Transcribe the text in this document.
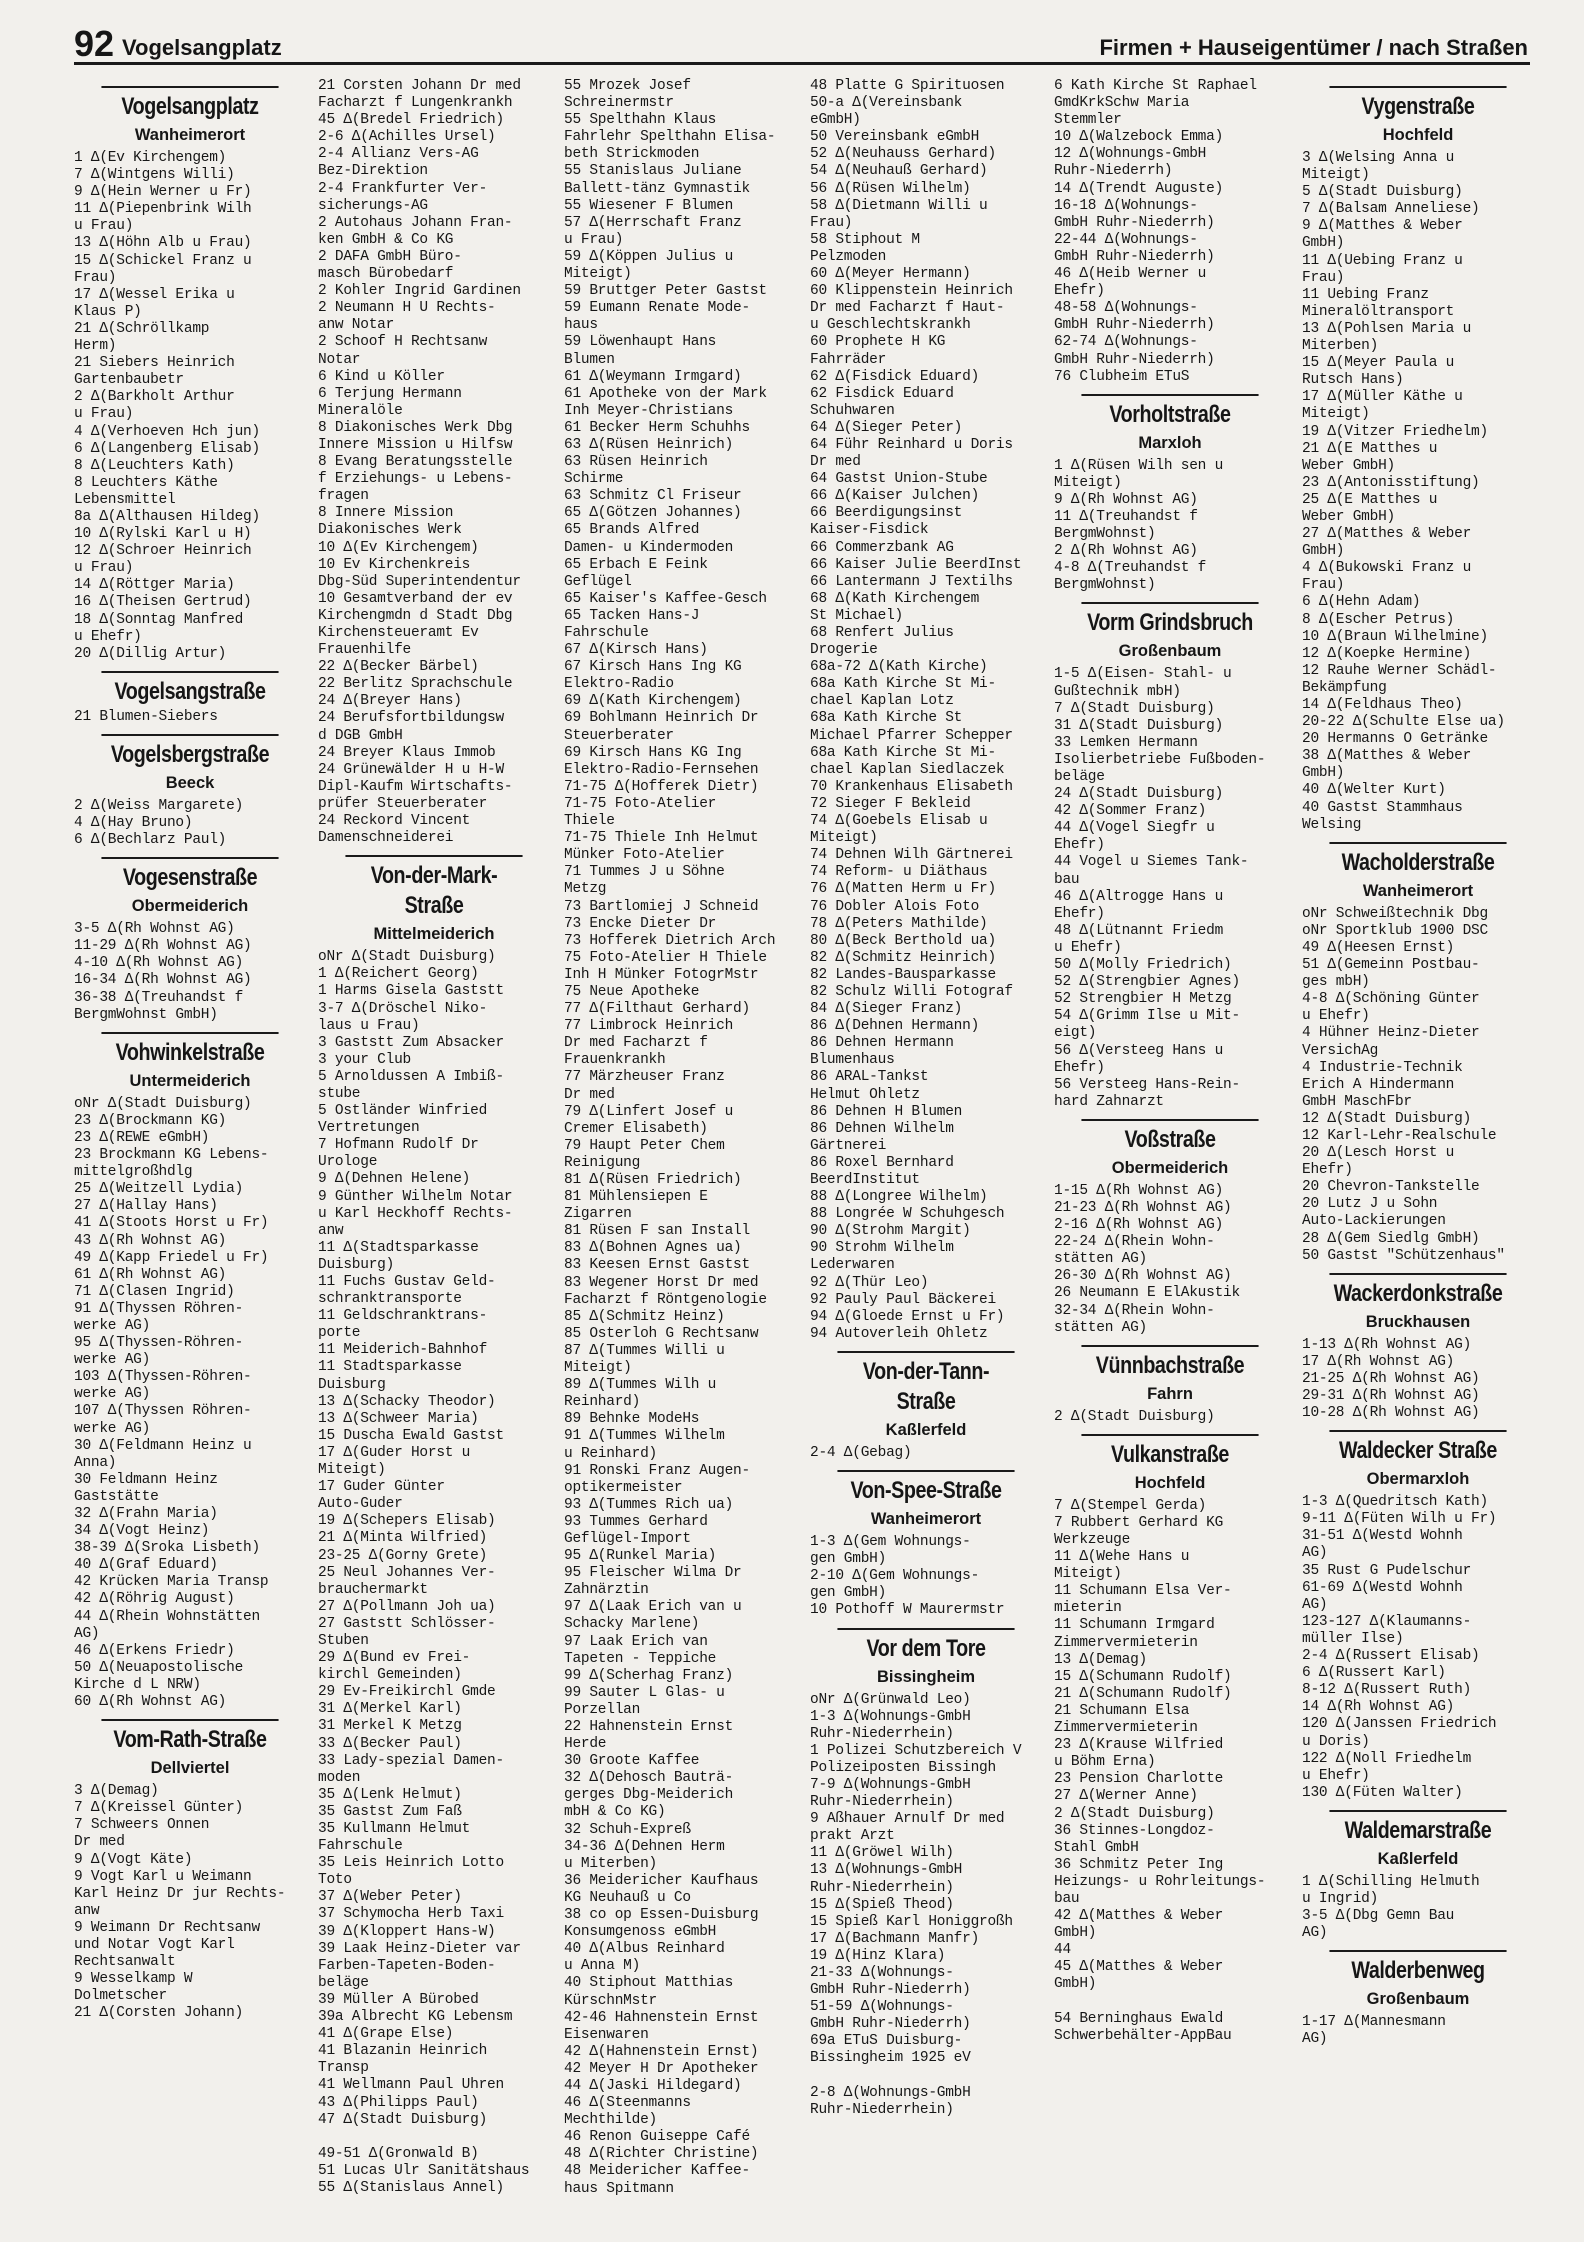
92 Vogelsangplatz	Firmen + Hauseigentümer / nach Straßen
Vogelsangplatz
Wanheimerort
1 ∆(Ev Kirchengem)
7 ∆(Wintgens Willi)
9 ∆(Hein Werner u Fr)
11 ∆(Piepenbrink Wilh
u Frau)
13 ∆(Höhn Alb u Frau)
15 ∆(Schickel Franz u
Frau)
17 ∆(Wessel Erika u
Klaus P)
21 ∆(Schröllkamp
Herm)
21 Siebers Heinrich
Gartenbaubetr
2 ∆(Barkholt Arthur
u Frau)
4 ∆(Verhoeven Hch jun)
6 ∆(Langenberg Elisab)
8 ∆(Leuchters Kath)
8 Leuchters Käthe
Lebensmittel
8a ∆(Althausen Hildeg)
10 ∆(Rylski Karl u H)
12 ∆(Schroer Heinrich
u Frau)
14 ∆(Röttger Maria)
16 ∆(Theisen Gertrud)
18 ∆(Sonntag Manfred
u Ehefr)
20 ∆(Dillig Artur)
Vogelsangstraße
21 Blumen-Siebers
Vogelsbergstraße
Beeck
2 ∆(Weiss Margarete)
4 ∆(Hay Bruno)
6 ∆(Bechlarz Paul)
Vogesenstraße
Obermeiderich
3-5 ∆(Rh Wohnst AG)
11-29 ∆(Rh Wohnst AG)
4-10 ∆(Rh Wohnst AG)
16-34 ∆(Rh Wohnst AG)
36-38 ∆(Treuhandst f
BergmWohnst GmbH)
Vohwinkelstraße
Untermeiderich
oNr ∆(Stadt Duisburg)
23 ∆(Brockmann KG)
23 ∆(REWE eGmbH)
23 Brockmann KG Lebens-
mittelgroßhdlg
25 ∆(Weitzell Lydia)
27 ∆(Hallay Hans)
41 ∆(Stoots Horst u Fr)
43 ∆(Rh Wohnst AG)
49 ∆(Kapp Friedel u Fr)
61 ∆(Rh Wohnst AG)
71 ∆(Clasen Ingrid)
91 ∆(Thyssen Röhren-
werke AG)
95 ∆(Thyssen-Röhren-
werke AG)
103 ∆(Thyssen-Röhren-
werke AG)
107 ∆(Thyssen Röhren-
werke AG)
30 ∆(Feldmann Heinz u
Anna)
30 Feldmann Heinz
Gaststätte
32 ∆(Frahn Maria)
34 ∆(Vogt Heinz)
38-39 ∆(Sroka Lisbeth)
40 ∆(Graf Eduard)
42 Krücken Maria Transp
42 ∆(Röhrig August)
44 ∆(Rhein Wohnstätten
AG)
46 ∆(Erkens Friedr)
50 ∆(Neuapostolische
Kirche d L NRW)
60 ∆(Rh Wohnst AG)
Vom-Rath-Straße
Dellviertel
3 ∆(Demag)
7 ∆(Kreissel Günter)
7 Schweers Onnen
Dr med
9 ∆(Vogt Käte)
9 Vogt Karl u Weimann
Karl Heinz Dr jur Rechts-
anw
9 Weimann Dr Rechtsanw
und Notar Vogt Karl
Rechtsanwalt
9 Wesselkamp W
Dolmetscher
21 ∆(Corsten Johann)
21 Corsten Johann Dr med
Facharzt f Lungenkrankh
45 ∆(Bredel Friedrich)
2-6 ∆(Achilles Ursel)
2-4 Allianz Vers-AG
Bez-Direktion
2-4 Frankfurter Ver-
sicherungs-AG
2 Autohaus Johann Fran-
ken GmbH & Co KG
2 DAFA GmbH Büro-
masch Bürobedarf
2 Kohler Ingrid Gardinen
2 Neumann H U Rechts-
anw Notar
2 Schoof H Rechtsanw
Notar
6 Kind u Köller
6 Terjung Hermann
Mineralöle
8 Diakonisches Werk Dbg
Innere Mission u Hilfsw
8 Evang Beratungsstelle
f Erziehungs- u Lebens-
fragen
8 Innere Mission
Diakonisches Werk
10 ∆(Ev Kirchengem)
10 Ev Kirchenkreis
Dbg-Süd Superintendentur
10 Gesamtverband der ev
Kirchengmdn d Stadt Dbg
Kirchensteueramt Ev
Frauenhilfe
22 ∆(Becker Bärbel)
22 Berlitz Sprachschule
24 ∆(Breyer Hans)
24 Berufsfortbildungsw
d DGB GmbH
24 Breyer Klaus Immob
24 Grünewälder H u H-W
Dipl-Kaufm Wirtschafts-
prüfer Steuerberater
24 Reckord Vincent
Damenschneiderei
Von-der-Mark-Straße
Mittelmeiderich
oNr ∆(Stadt Duisburg)
1 ∆(Reichert Georg)
1 Harms Gisela Gaststt
3-7 ∆(Dröschel Niko-
laus u Frau)
3 Gaststt Zum Absacker
3 your Club
5 Arnoldussen A Imbiß-
stube
5 Ostländer Winfried
Vertretungen
7 Hofmann Rudolf Dr
Urologe
9 ∆(Dehnen Helene)
9 Günther Wilhelm Notar
u Karl Heckhoff Rechts-
anw
11 ∆(Stadtsparkasse
Duisburg)
11 Fuchs Gustav Geld-
schranktransporte
11 Geldschranktrans-
porte
11 Meiderich-Bahnhof
11 Stadtsparkasse
Duisburg
13 ∆(Schacky Theodor)
13 ∆(Schweer Maria)
15 Duscha Ewald Gastst
17 ∆(Guder Horst u
Miteigt)
17 Guder Günter
Auto-Guder
19 ∆(Schepers Elisab)
21 ∆(Minta Wilfried)
23-25 ∆(Gorny Grete)
25 Neul Johannes Ver-
brauchermarkt
27 ∆(Pollmann Joh ua)
27 Gaststt Schlösser-
Stuben
29 ∆(Bund ev Frei-
kirchl Gemeinden)
29 Ev-Freikirchl Gmde
31 ∆(Merkel Karl)
31 Merkel K Metzg
33 ∆(Becker Paul)
33 Lady-spezial Damen-
moden
35 ∆(Lenk Helmut)
35 Gastst Zum Faß
35 Kullmann Helmut
Fahrschule
35 Leis Heinrich Lotto
Toto
37 ∆(Weber Peter)
37 Schymocha Herb Taxi
39 ∆(Kloppert Hans-W)
39 Laak Heinz-Dieter var
Farben-Tapeten-Boden-
beläge
39 Müller A Bürobed
39a Albrecht KG Lebensm
41 ∆(Grape Else)
41 Blazanin Heinrich
Transp
41 Wellmann Paul Uhren
43 ∆(Philipps Paul)
47 ∆(Stadt Duisburg)

49-51 ∆(Gronwald B)
51 Lucas Ulr Sanitätshaus
55 ∆(Stanislaus Annel)
55 Mrozek Josef
Schreinermstr
55 Spelthahn Klaus
Fahrlehr Spelthahn Elisa-
beth Strickmoden
55 Stanislaus Juliane
Ballett-tänz Gymnastik
55 Wiesener F Blumen
57 ∆(Herrschaft Franz
u Frau)
59 ∆(Köppen Julius u
Miteigt)
59 Bruttger Peter Gastst
59 Eumann Renate Mode-
haus
59 Löwenhaupt Hans
Blumen
61 ∆(Weymann Irmgard)
61 Apotheke von der Mark
Inh Meyer-Christians
61 Becker Herm Schuhhs
63 ∆(Rüsen Heinrich)
63 Rüsen Heinrich
Schirme
63 Schmitz Cl Friseur
65 ∆(Götzen Johannes)
65 Brands Alfred
Damen- u Kindermoden
65 Erbach E Feink
Geflügel
65 Kaiser's Kaffee-Gesch
65 Tacken Hans-J
Fahrschule
67 ∆(Kirsch Hans)
67 Kirsch Hans Ing KG
Elektro-Radio
69 ∆(Kath Kirchengem)
69 Bohlmann Heinrich Dr
Steuerberater
69 Kirsch Hans KG Ing
Elektro-Radio-Fernsehen
71-75 ∆(Hofferek Dietr)
71-75 Foto-Atelier
Thiele
71-75 Thiele Inh Helmut
Münker Foto-Atelier
71 Tummes J u Söhne
Metzg
73 Bartlomiej J Schneid
73 Encke Dieter Dr
73 Hofferek Dietrich Arch
75 Foto-Atelier H Thiele
Inh H Münker FotogrMstr
75 Neue Apotheke
77 ∆(Filthaut Gerhard)
77 Limbrock Heinrich
Dr med Facharzt f
Frauenkrankh
77 Märzheuser Franz
Dr med
79 ∆(Linfert Josef u
Cremer Elisabeth)
79 Haupt Peter Chem
Reinigung
81 ∆(Rüsen Friedrich)
81 Mühlensiepen E
Zigarren
81 Rüsen F san Install
83 ∆(Bohnen Agnes ua)
83 Keesen Ernst Gastst
83 Wegener Horst Dr med
Facharzt f Röntgenologie
85 ∆(Schmitz Heinz)
85 Osterloh G Rechtsanw
87 ∆(Tummes Willi u
Miteigt)
89 ∆(Tummes Wilh u
Reinhard)
89 Behnke ModeHs
91 ∆(Tummes Wilhelm
u Reinhard)
91 Ronski Franz Augen-
optikermeister
93 ∆(Tummes Rich ua)
93 Tummes Gerhard
Geflügel-Import
95 ∆(Runkel Maria)
95 Fleischer Wilma Dr
Zahnärztin
97 ∆(Laak Erich van u
Schacky Marlene)
97 Laak Erich van
Tapeten - Teppiche
99 ∆(Scherhag Franz)
99 Sauter L Glas- u
Porzellan
22 Hahnenstein Ernst
Herde
30 Groote Kaffee
32 ∆(Dehosch Bauträ-
gerges Dbg-Meiderich
mbH & Co KG)
32 Schuh-Expreß
34-36 ∆(Dehnen Herm
u Miterben)
36 Meidericher Kaufhaus
KG Neuhauß u Co
38 co op Essen-Duisburg
Konsumgenoss eGmbH
40 ∆(Albus Reinhard
u Anna M)
40 Stiphout Matthias
KürschnMstr
42-46 Hahnenstein Ernst
Eisenwaren
42 ∆(Hahnenstein Ernst)
42 Meyer H Dr Apotheker
44 ∆(Jaski Hildegard)
46 ∆(Steenmanns
Mechthilde)
46 Renon Guiseppe Café
48 ∆(Richter Christine)
48 Meidericher Kaffee-
haus Spitmann
48 Platte G Spirituosen
50-a ∆(Vereinsbank
eGmbH)
50 Vereinsbank eGmbH
52 ∆(Neuhauss Gerhard)
54 ∆(Neuhauß Gerhard)
56 ∆(Rüsen Wilhelm)
58 ∆(Dietmann Willi u
Frau)
58 Stiphout M
Pelzmoden
60 ∆(Meyer Hermann)
60 Klippenstein Heinrich
Dr med Facharzt f Haut-
u Geschlechtskrankh
60 Prophete H KG
Fahrräder
62 ∆(Fisdick Eduard)
62 Fisdick Eduard
Schuhwaren
64 ∆(Sieger Peter)
64 Führ Reinhard u Doris
Dr med
64 Gastst Union-Stube
66 ∆(Kaiser Julchen)
66 Beerdigungsinst
Kaiser-Fisdick
66 Commerzbank AG
66 Kaiser Julie BeerdInst
66 Lantermann J Textilhs
68 ∆(Kath Kirchengem
St Michael)
68 Renfert Julius
Drogerie
68a-72 ∆(Kath Kirche)
68a Kath Kirche St Mi-
chael Kaplan Lotz
68a Kath Kirche St
Michael Pfarrer Schepper
68a Kath Kirche St Mi-
chael Kaplan Siedlaczek
70 Krankenhaus Elisabeth
72 Sieger F Bekleid
74 ∆(Goebels Elisab u
Miteigt)
74 Dehnen Wilh Gärtnerei
74 Reform- u Diäthaus
76 ∆(Matten Herm u Fr)
76 Dobler Alois Foto
78 ∆(Peters Mathilde)
80 ∆(Beck Berthold ua)
82 ∆(Schmitz Heinrich)
82 Landes-Bausparkasse
82 Schulz Willi Fotograf
84 ∆(Sieger Franz)
86 ∆(Dehnen Hermann)
86 Dehnen Hermann
Blumenhaus
86 ARAL-Tankst
Helmut Ohletz
86 Dehnen H Blumen
86 Dehnen Wilhelm
Gärtnerei
86 Roxel Bernhard
BeerdInstitut
88 ∆(Longree Wilhelm)
88 Longrée W Schuhgesch
90 ∆(Strohm Margit)
90 Strohm Wilhelm
Lederwaren
92 ∆(Thür Leo)
92 Pauly Paul Bäckerei
94 ∆(Gloede Ernst u Fr)
94 Autoverleih Ohletz
Von-der-Tann-Straße
Kaßlerfeld
2-4 ∆(Gebag)
Von-Spee-Straße
Wanheimerort
1-3 ∆(Gem Wohnungs-
gen GmbH)
2-10 ∆(Gem Wohnungs-
gen GmbH)
10 Pothoff W Maurermstr
Vor dem Tore
Bissingheim
oNr ∆(Grünwald Leo)
1-3 ∆(Wohnungs-GmbH
Ruhr-Niederrhein)
1 Polizei Schutzbereich V
Polizeiposten Bissingh
7-9 ∆(Wohnungs-GmbH
Ruhr-Niederrhein)
9 Aßhauer Arnulf Dr med
prakt Arzt
11 ∆(Gröwel Wilh)
13 ∆(Wohnungs-GmbH
Ruhr-Niederrhein)
15 ∆(Spieß Theod)
15 Spieß Karl Honiggroßh
17 ∆(Bachmann Manfr)
19 ∆(Hinz Klara)
21-33 ∆(Wohnungs-
GmbH Ruhr-Niederrh)
51-59 ∆(Wohnungs-
GmbH Ruhr-Niederrh)
69a ETuS Duisburg-
Bissingheim 1925 eV

2-8 ∆(Wohnungs-GmbH
Ruhr-Niederrhein)
6 Kath Kirche St Raphael
GmdKrkSchw Maria
Stemmler
10 ∆(Walzebock Emma)
12 ∆(Wohnungs-GmbH
Ruhr-Niederrh)
14 ∆(Trendt Auguste)
16-18 ∆(Wohnungs-
GmbH Ruhr-Niederrh)
22-44 ∆(Wohnungs-
GmbH Ruhr-Niederrh)
46 ∆(Heib Werner u
Ehefr)
48-58 ∆(Wohnungs-
GmbH Ruhr-Niederrh)
62-74 ∆(Wohnungs-
GmbH Ruhr-Niederrh)
76 Clubheim ETuS
Vorholtstraße
Marxloh
1 ∆(Rüsen Wilh sen u
Miteigt)
9 ∆(Rh Wohnst AG)
11 ∆(Treuhandst f
BergmWohnst)
2 ∆(Rh Wohnst AG)
4-8 ∆(Treuhandst f
BergmWohnst)
Vorm Grindsbruch
Großenbaum
1-5 ∆(Eisen- Stahl- u
Gußtechnik mbH)
7 ∆(Stadt Duisburg)
31 ∆(Stadt Duisburg)
33 Lemken Hermann
Isolierbetriebe Fußboden-
beläge
24 ∆(Stadt Duisburg)
42 ∆(Sommer Franz)
44 ∆(Vogel Siegfr u
Ehefr)
44 Vogel u Siemes Tank-
bau
46 ∆(Altrogge Hans u
Ehefr)
48 ∆(Lütnannt Friedm
u Ehefr)
50 ∆(Molly Friedrich)
52 ∆(Strengbier Agnes)
52 Strengbier H Metzg
54 ∆(Grimm Ilse u Mit-
eigt)
56 ∆(Versteeg Hans u
Ehefr)
56 Versteeg Hans-Rein-
hard Zahnarzt
Voßstraße
Obermeiderich
1-15 ∆(Rh Wohnst AG)
21-23 ∆(Rh Wohnst AG)
2-16 ∆(Rh Wohnst AG)
22-24 ∆(Rhein Wohn-
stätten AG)
26-30 ∆(Rh Wohnst AG)
26 Neumann E ElAkustik
32-34 ∆(Rhein Wohn-
stätten AG)
Vünnbachstraße
Fahrn
2 ∆(Stadt Duisburg)
Vulkanstraße
Hochfeld
7 ∆(Stempel Gerda)
7 Rubbert Gerhard KG
Werkzeuge
11 ∆(Wehe Hans u
Miteigt)
11 Schumann Elsa Ver-
mieterin
11 Schumann Irmgard
Zimmervermieterin
13 ∆(Demag)
15 ∆(Schumann Rudolf)
21 ∆(Schumann Rudolf)
21 Schumann Elsa
Zimmervermieterin
23 ∆(Krause Wilfried
u Böhm Erna)
23 Pension Charlotte
27 ∆(Werner Anne)
2 ∆(Stadt Duisburg)
36 Stinnes-Longdoz-
Stahl GmbH
36 Schmitz Peter Ing
Heizungs- u Rohrleitungs-
bau
42 ∆(Matthes & Weber
GmbH)
44
45 ∆(Matthes & Weber
GmbH)

54 Berninghaus Ewald
Schwerbehälter-AppBau
Vygenstraße
Hochfeld
3 ∆(Welsing Anna u
Miteigt)
5 ∆(Stadt Duisburg)
7 ∆(Balsam Anneliese)
9 ∆(Matthes & Weber
GmbH)
11 ∆(Uebing Franz u
Frau)
11 Uebing Franz
Mineralöltransport
13 ∆(Pohlsen Maria u
Miterben)
15 ∆(Meyer Paula u
Rutsch Hans)
17 ∆(Müller Käthe u
Miteigt)
19 ∆(Vitzer Friedhelm)
21 ∆(E Matthes u
Weber GmbH)
23 ∆(Antonisstiftung)
25 ∆(E Matthes u
Weber GmbH)
27 ∆(Matthes & Weber
GmbH)
4 ∆(Bukowski Franz u
Frau)
6 ∆(Hehn Adam)
8 ∆(Escher Petrus)
10 ∆(Braun Wilhelmine)
12 ∆(Koepke Hermine)
12 Rauhe Werner Schädl-
Bekämpfung
14 ∆(Feldhaus Theo)
20-22 ∆(Schulte Else ua)
20 Hermanns O Getränke
38 ∆(Matthes & Weber
GmbH)
40 ∆(Welter Kurt)
40 Gastst Stammhaus
Welsing
Wacholderstraße
Wanheimerort
oNr Schweißtechnik Dbg
oNr Sportklub 1900 DSC
49 ∆(Heesen Ernst)
51 ∆(Gemeinn Postbau-
ges mbH)
4-8 ∆(Schöning Günter
u Ehefr)
4 Hühner Heinz-Dieter
VersichAg
4 Industrie-Technik
Erich A Hindermann
GmbH MaschFbr
12 ∆(Stadt Duisburg)
12 Karl-Lehr-Realschule
20 ∆(Lesch Horst u
Ehefr)
20 Chevron-Tankstelle
20 Lutz J u Sohn
Auto-Lackierungen
28 ∆(Gem Siedlg GmbH)
50 Gastst "Schützenhaus"
Wackerdonkstraße
Bruckhausen
1-13 ∆(Rh Wohnst AG)
17 ∆(Rh Wohnst AG)
21-25 ∆(Rh Wohnst AG)
29-31 ∆(Rh Wohnst AG)
10-28 ∆(Rh Wohnst AG)
Waldecker Straße
Obermarxloh
1-3 ∆(Quedritsch Kath)
9-11 ∆(Füten Wilh u Fr)
31-51 ∆(Westd Wohnh
AG)
35 Rust G Pudelschur
61-69 ∆(Westd Wohnh
AG)
123-127 ∆(Klaumanns-
müller Ilse)
2-4 ∆(Russert Elisab)
6 ∆(Russert Karl)
8-12 ∆(Russert Ruth)
14 ∆(Rh Wohnst AG)
120 ∆(Janssen Friedrich
u Doris)
122 ∆(Noll Friedhelm
u Ehefr)
130 ∆(Füten Walter)
Waldemarstraße
Kaßlerfeld
1 ∆(Schilling Helmuth
u Ingrid)
3-5 ∆(Dbg Gemn Bau
AG)
Walderbenweg
Großenbaum
1-17 ∆(Mannesmann
AG)
